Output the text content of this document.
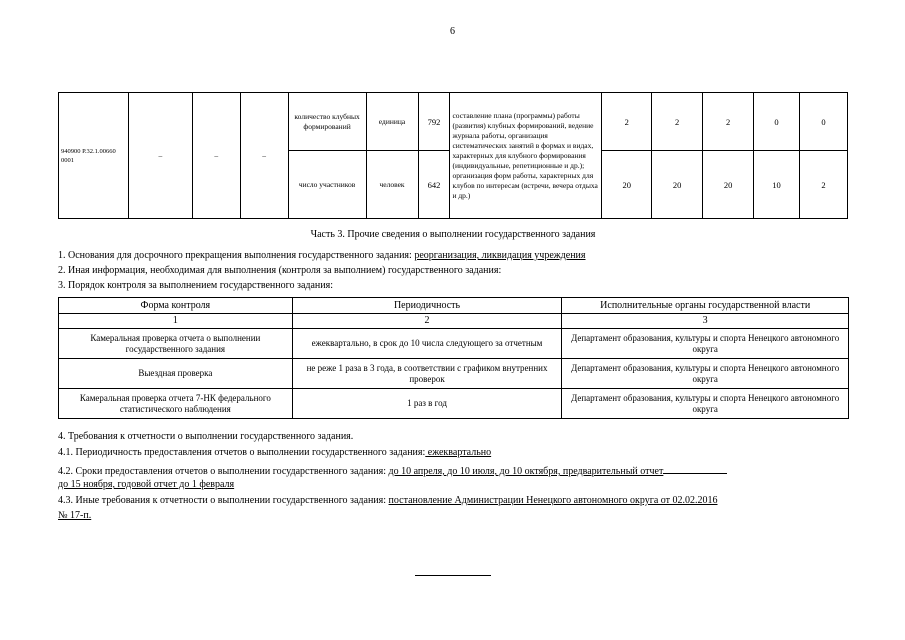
6
940900 Р.32.1.00660 0001	–	–	–	количество клубных формирований	единица	792	составление плана (программы) работы (развития) клубных формирований, ведение журнала работы, организация систематических занятий в формах и видах, характерных для клубного формирования (индивидуальные, репетиционные и др.); организация форм работы, характерных для клубов по интересам (встречи, вечера отдыха и др.)	2	2	2	0	0
				число участников	человек	642		20	20	20	10	2
Часть 3. Прочие сведения о выполнении государственного задания
1. Основания для досрочного прекращения выполнения государственного задания: реорганизация, ликвидация учреждения
2. Иная информация, необходимая для выполнения (контроля за выполнием) государственного задания:
3. Порядок контроля за выполнением государственного задания:
Форма контроля	Периодичность	Исполнительные органы государственной власти
1	2	3
Камеральная проверка отчета о выполнении государственного задания	ежеквартально, в срок до 10 числа следующего за отчетным	Департамент образования, культуры и спорта Ненецкого автономного округа
Выездная проверка	не реже 1 раза в 3 года, в соответствии с графиком внутренних проверок	Департамент образования, культуры и спорта Ненецкого автономного округа
Камеральная проверка отчета 7-НК федерального статистического наблюдения	1 раз в год	Департамент образования, культуры и спорта Ненецкого автономного округа
4. Требования к отчетности о выполнении государственного задания.
4.1. Периодичность предоставления отчетов о выполнении государственного задания: ежеквартально
4.2. Сроки предоставления отчетов о выполнении государственного задания: до 10 апреля, до 10 июля, до 10 октября, предварительный отчет
до 15 ноября, годовой отчет до 1 февраля
4.3. Иные требования к отчетности о выполнении государственного задания: постановление Администрации Ненецкого автономного округа от 02.02.2016
№ 17-п.
